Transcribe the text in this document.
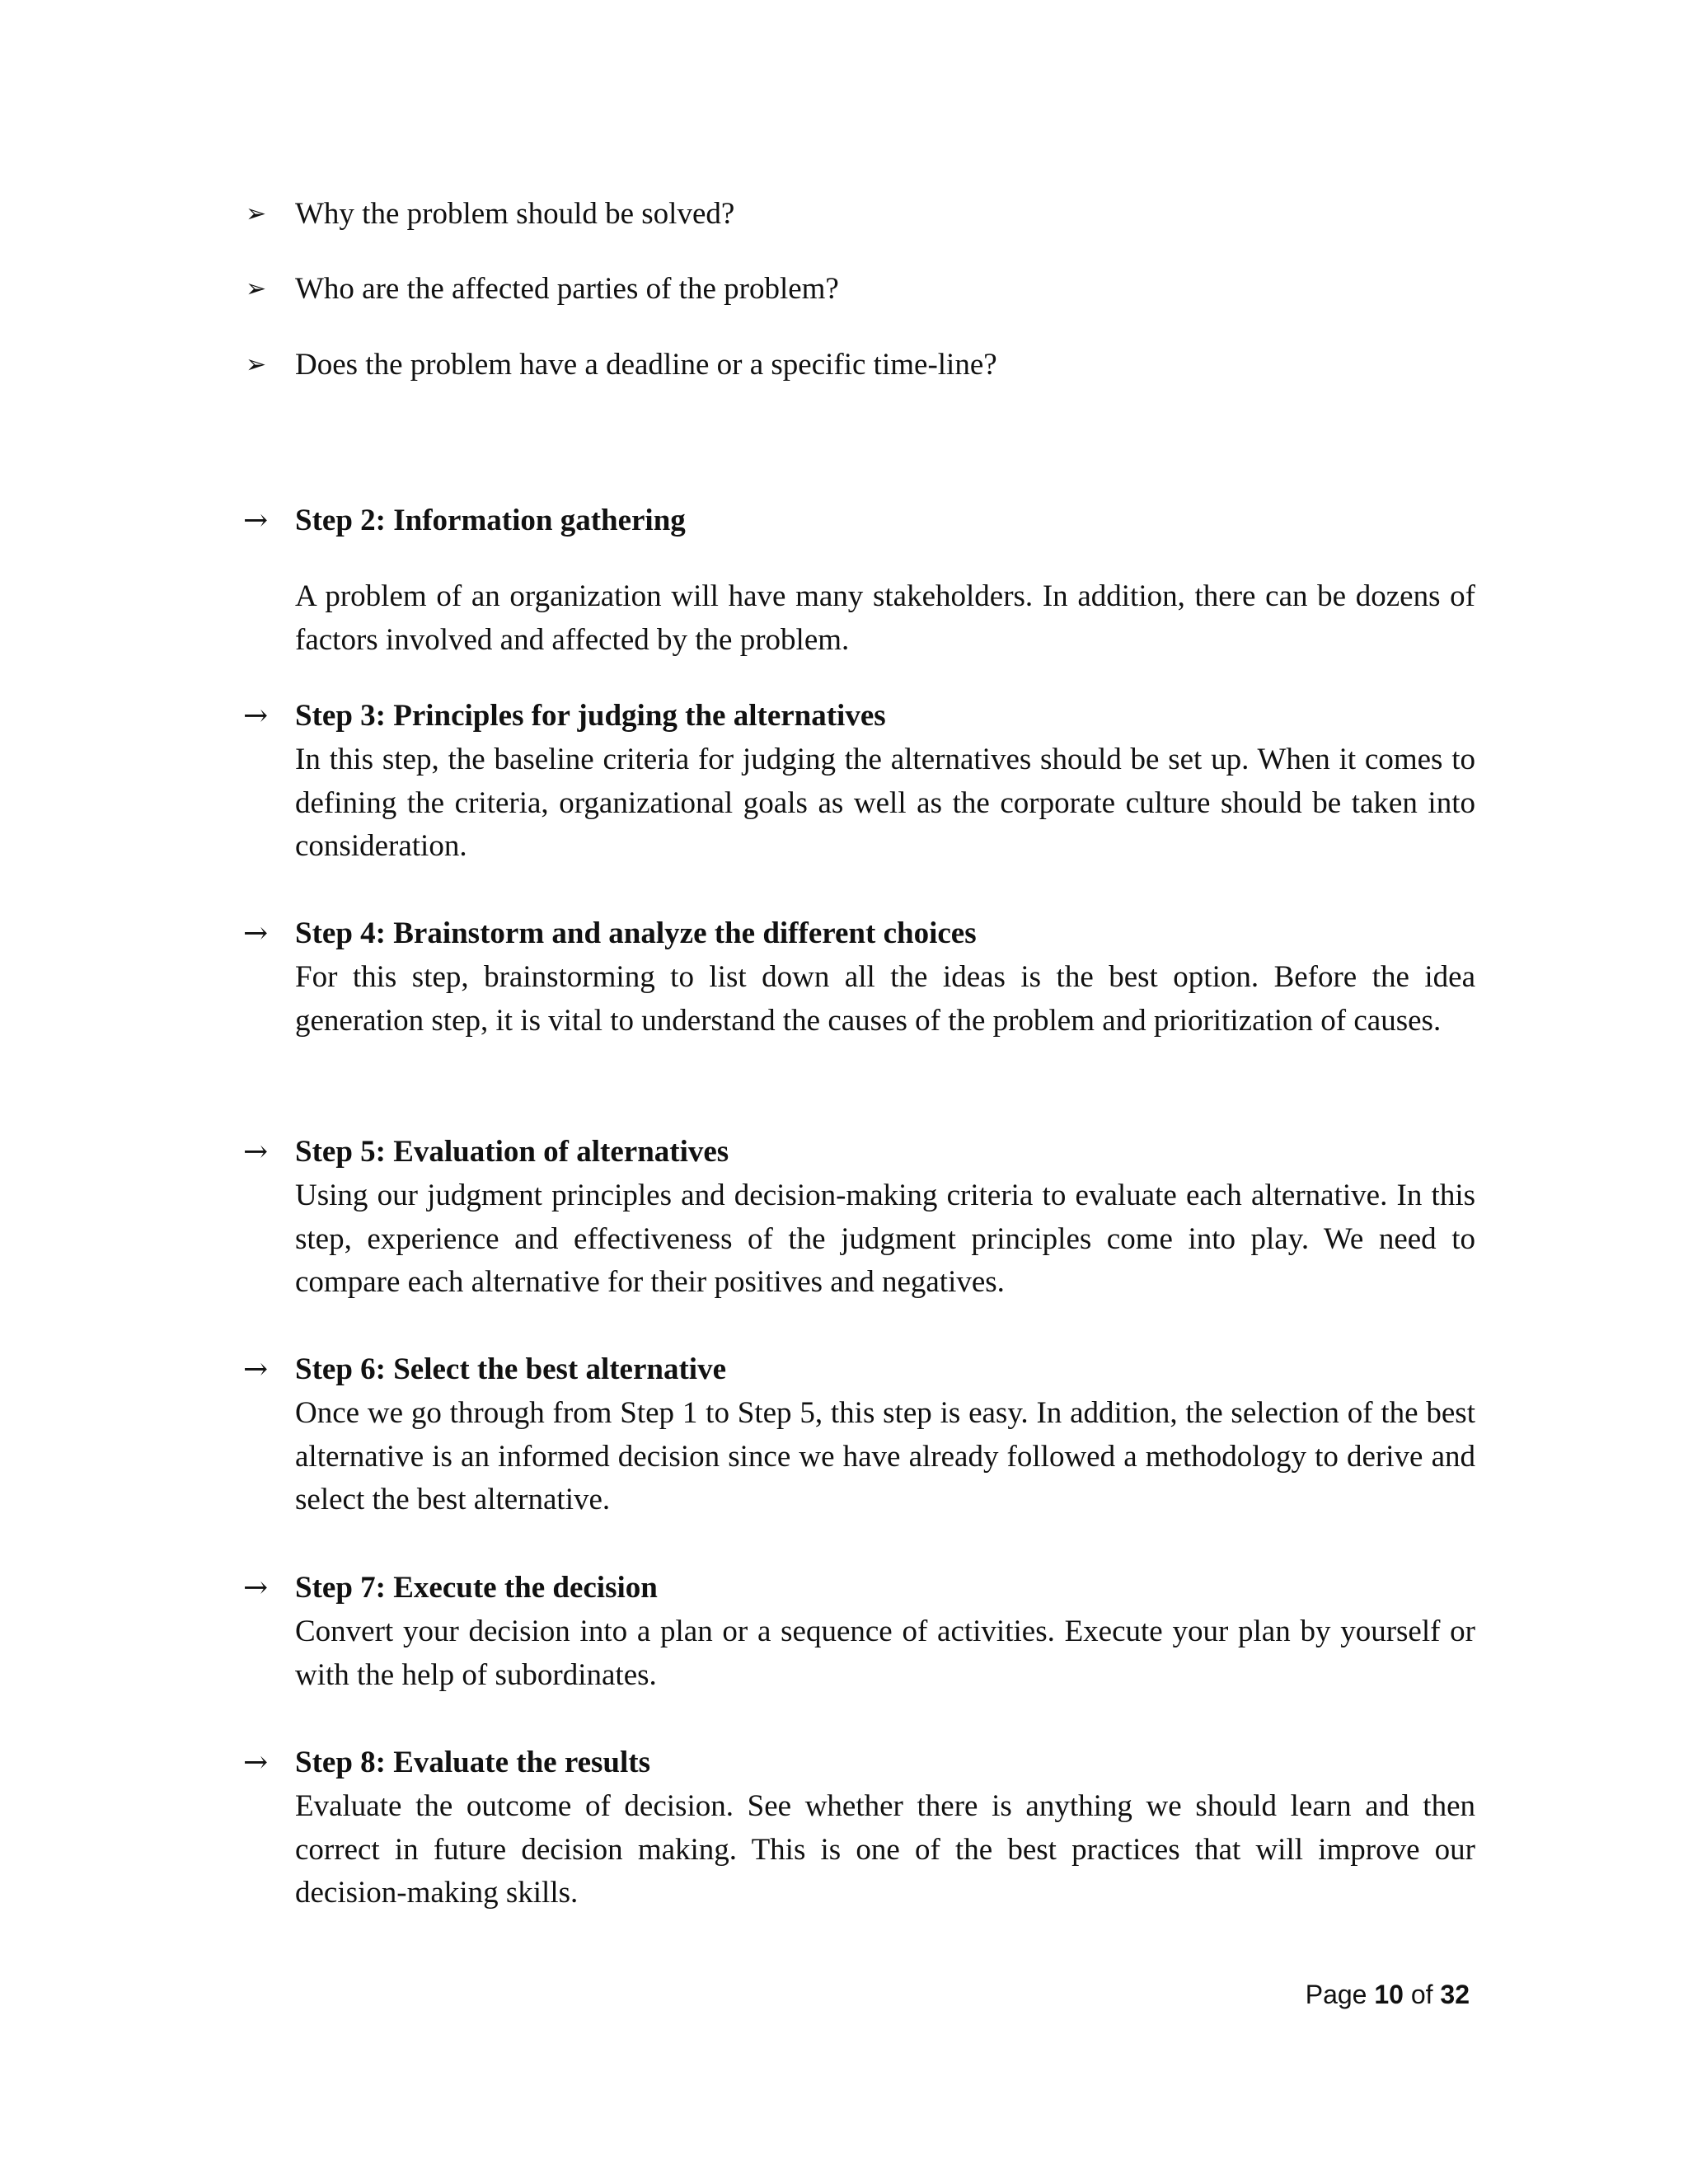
➢ Why the problem should be solved?
➢ Who are the affected parties of the problem?
➢ Does the problem have a deadline or a specific time-line?
→ Step 2: Information gathering
A problem of an organization will have many stakeholders. In addition, there can be dozens of factors involved and affected by the problem.
→ Step 3: Principles for judging the alternatives
In this step, the baseline criteria for judging the alternatives should be set up. When it comes to defining the criteria, organizational goals as well as the corporate culture should be taken into consideration.
→ Step 4: Brainstorm and analyze the different choices
For this step, brainstorming to list down all the ideas is the best option. Before the idea generation step, it is vital to understand the causes of the problem and prioritization of causes.
→ Step 5: Evaluation of alternatives
Using our judgment principles and decision-making criteria to evaluate each alternative. In this step, experience and effectiveness of the judgment principles come into play. We need to compare each alternative for their positives and negatives.
→ Step 6: Select the best alternative
Once we go through from Step 1 to Step 5, this step is easy. In addition, the selection of the best alternative is an informed decision since we have already followed a methodology to derive and select the best alternative.
→ Step 7: Execute the decision
Convert your decision into a plan or a sequence of activities. Execute your plan by yourself or with the help of subordinates.
→ Step 8: Evaluate the results
Evaluate the outcome of decision. See whether there is anything we should learn and then correct in future decision making. This is one of the best practices that will improve our decision-making skills.
Page 10 of 32
